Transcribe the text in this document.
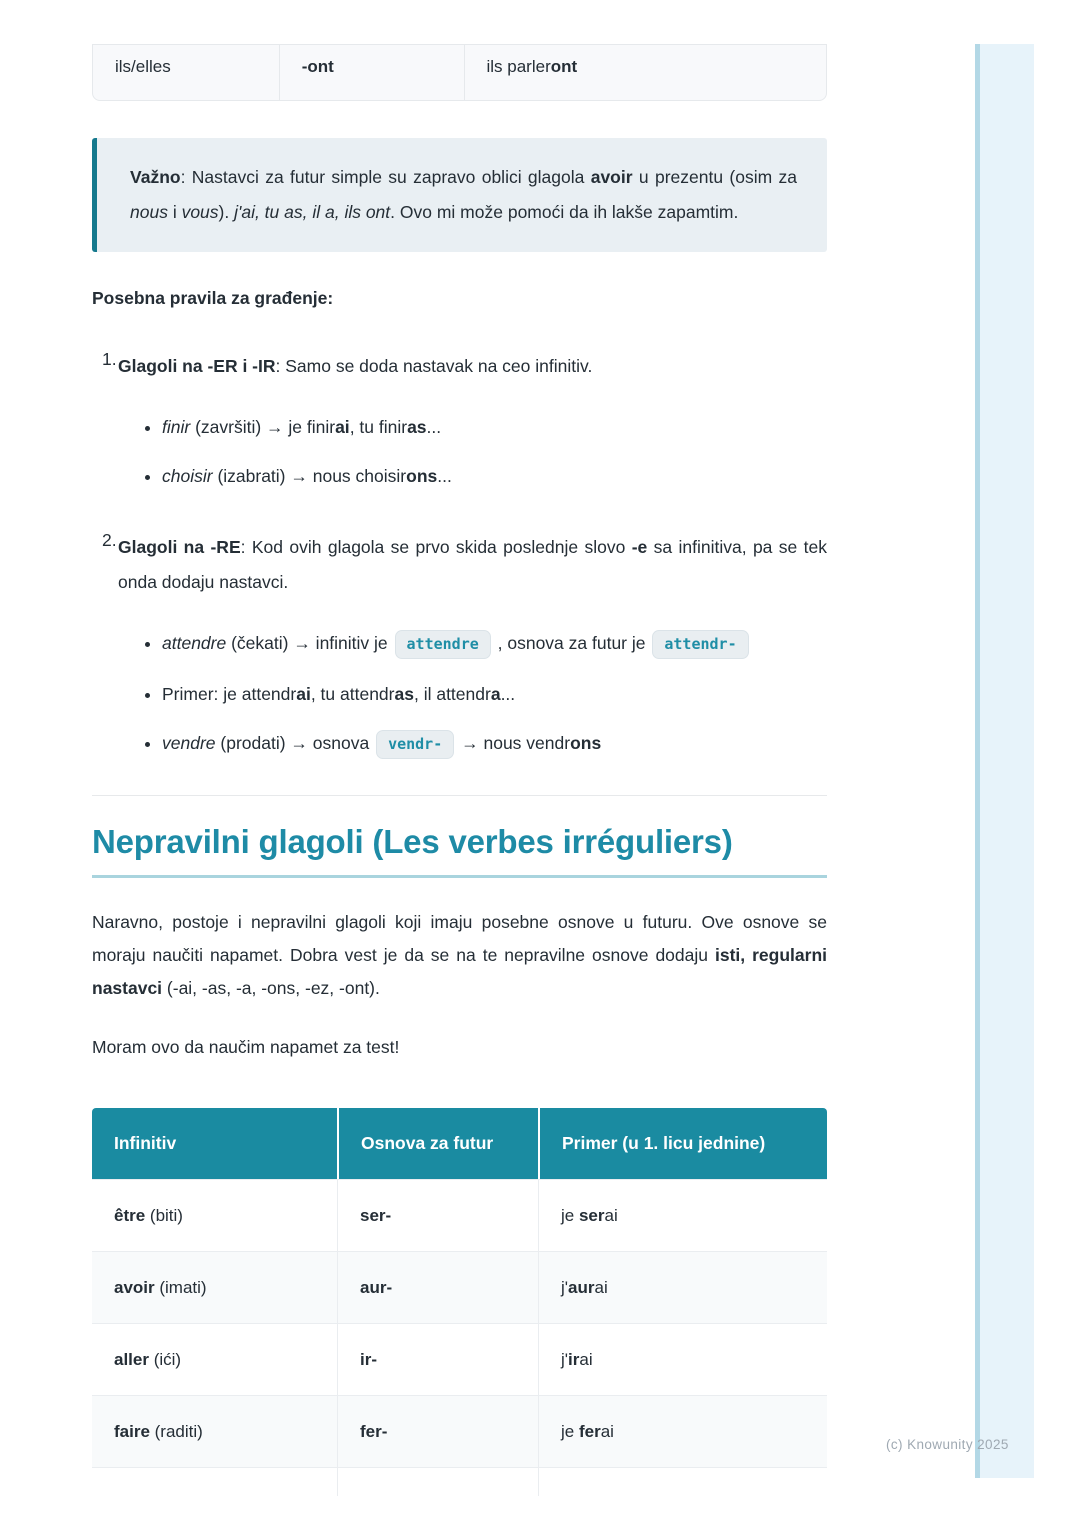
(c) Knowunity 2025
ils/elles	-ont	ils parleront
Važno: Nastavci za futur simple su zapravo oblici glagola avoir u prezentu (osim za nous i vous). j'ai, tu as, il a, ils ont. Ovo mi može pomoći da ih lakše zapamtim.

Posebna pravila za građenje:

1. Glagoli na -ER i -IR: Samo se doda nastavak na ceo infinitiv.
• finir (završiti) → je finirai, tu finiras...
• choisir (izabrati) → nous choisirons...
2. Glagoli na -RE: Kod ovih glagola se prvo skida poslednje slovo -e sa infinitiva, pa se tek onda dodaju nastavci.
• attendre (čekati) → infinitiv je attendre , osnova za futur je attendr-
• Primer: je attendrai, tu attendras, il attendra...
• vendre (prodati) → osnova vendr- → nous vendrons
Nepravilni glagoli (Les verbes irréguliers)

Naravno, postoje i nepravilni glagoli koji imaju posebne osnove u futuru. Ove osnove se moraju naučiti napamet. Dobra vest je da se na te nepravilne osnove dodaju isti, regularni nastavci (-ai, -as, -a, -ons, -ez, -ont).

Moram ovo da naučim napamet za test!

Infinitiv	Osnova za futur	Primer (u 1. licu jednine)
être (biti)	ser-	je serai
avoir (imati)	aur-	j'aurai
aller (ići)	ir-	j'irai
faire (raditi)	fer-	je ferai
